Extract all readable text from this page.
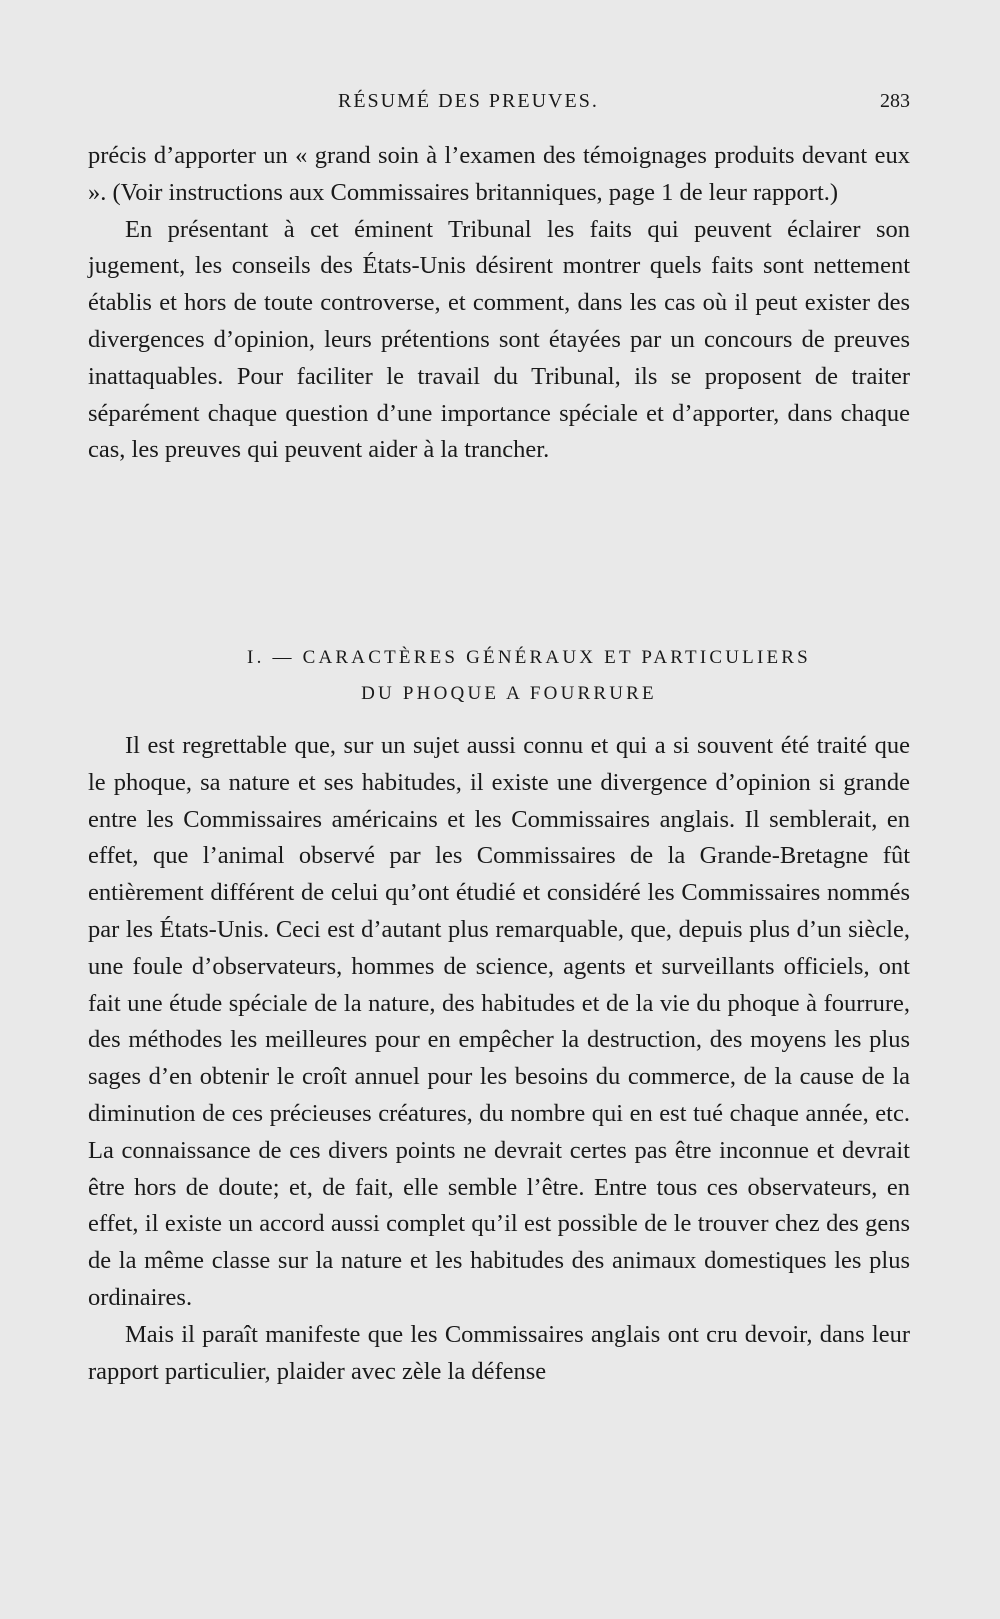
RÉSUMÉ DES PREUVES.	283

précis d’apporter un « grand soin à l’examen des témoignages produits devant eux ». (Voir instructions aux Commissaires britanniques, page 1 de leur rapport.)

En présentant à cet éminent Tribunal les faits qui peuvent éclairer son jugement, les conseils des États-Unis désirent montrer quels faits sont nettement établis et hors de toute controverse, et comment, dans les cas où il peut exister des divergences d’opinion, leurs prétentions sont étayées par un concours de preuves inattaquables. Pour faciliter le travail du Tribunal, ils se proposent de traiter séparément chaque question d’une importance spéciale et d’apporter, dans chaque cas, les preuves qui peuvent aider à la trancher.

I. — CARACTÈRES GÉNÉRAUX ET PARTICULIERS
DU PHOQUE A FOURRURE

Il est regrettable que, sur un sujet aussi connu et qui a si souvent été traité que le phoque, sa nature et ses habitudes, il existe une divergence d’opinion si grande entre les Commissaires américains et les Commissaires anglais. Il semblerait, en effet, que l’animal observé par les Commissaires de la Grande-Bretagne fût entièrement différent de celui qu’ont étudié et considéré les Commissaires nommés par les États-Unis. Ceci est d’autant plus remarquable, que, depuis plus d’un siècle, une foule d’observateurs, hommes de science, agents et surveillants officiels, ont fait une étude spéciale de la nature, des habitudes et de la vie du phoque à fourrure, des méthodes les meilleures pour en empêcher la destruction, des moyens les plus sages d’en obtenir le croît annuel pour les besoins du commerce, de la cause de la diminution de ces précieuses créatures, du nombre qui en est tué chaque année, etc. La connaissance de ces divers points ne devrait certes pas être inconnue et devrait être hors de doute; et, de fait, elle semble l’être. Entre tous ces observateurs, en effet, il existe un accord aussi complet qu’il est possible de le trouver chez des gens de la même classe sur la nature et les habitudes des animaux domestiques les plus ordinaires.

Mais il paraît manifeste que les Commissaires anglais ont cru devoir, dans leur rapport particulier, plaider avec zèle la défense
